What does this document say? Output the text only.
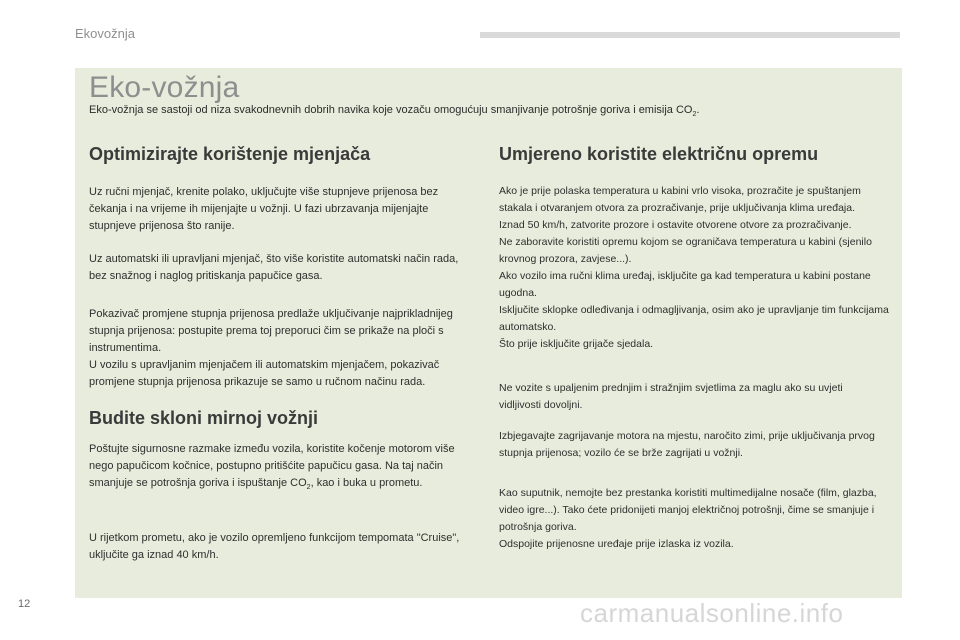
Ekovožnja
Eko-vožnja

Eko-vožnja se sastoji od niza svakodnevnih dobrih navika koje vozaču omogućuju smanjivanje potrošnje goriva i emisija $CO_2$.

Optimizirajte korištenje mjenjača

Uz ručni mjenjač, krenite polako, uključujte više stupnjeve prijenosa bez čekanja i na vrijeme ih mijenjajte u vožnji. U fazi ubrzavanja mijenjajte stupnjeve prijenosa što ranije.

Uz automatski ili upravljani mjenjač, što više koristite automatski način rada, bez snažnog i naglog pritiskanja papučice gasa.

Pokazivač promjene stupnja prijenosa predlaže uključivanje najprikladnijeg stupnja prijenosa: postupite prema toj preporuci čim se prikaže na ploči s instrumentima.
U vozilu s upravljanim mjenjačem ili automatskim mjenjačem, pokazivač promjene stupnja prijenosa prikazuje se samo u ručnom načinu rada.

Budite skloni mirnoj vožnji

Poštujte sigurnosne razmake između vozila, koristite kočenje motorom više nego papučicom kočnice, postupno pritišćite papučicu gasa. Na taj način smanjuje se potrošnja goriva i ispuštanje $CO_2$, kao i buka u prometu.

U rijetkom prometu, ako je vozilo opremljeno funkcijom tempomata "Cruise", uključite ga iznad 40 km/h.

Umjereno koristite električnu opremu

Ako je prije polaska temperatura u kabini vrlo visoka, prozračite je spuštanjem stakala i otvaranjem otvora za prozračivanje, prije uključivanja klima uređaja.
Iznad 50 km/h, zatvorite prozore i ostavite otvorene otvore za prozračivanje.
Ne zaboravite koristiti opremu kojom se ograničava temperatura u kabini (sjenilo krovnog prozora, zavjese...).
Ako vozilo ima ručni klima uređaj, isključite ga kad temperatura u kabini postane ugodna.
Isključite sklopke odleđivanja i odmagljivanja, osim ako je upravljanje tim funkcijama automatsko.
Što prije isključite grijače sjedala.

Ne vozite s upaljenim prednjim i stražnjim svjetlima za maglu ako su uvjeti vidljivosti dovoljni.

Izbjegavajte zagrijavanje motora na mjestu, naročito zimi, prije uključivanja prvog stupnja prijenosa; vozilo će se brže zagrijati u vožnji.

Kao suputnik, nemojte bez prestanka koristiti multimedijalne nosače (film, glazba, video igre...). Tako ćete pridonijeti manjoj električnoj potrošnji, čime se smanjuje i potrošnja goriva.
Odspojite prijenosne uređaje prije izlaska iz vozila.

12	carmanualsonline.info
